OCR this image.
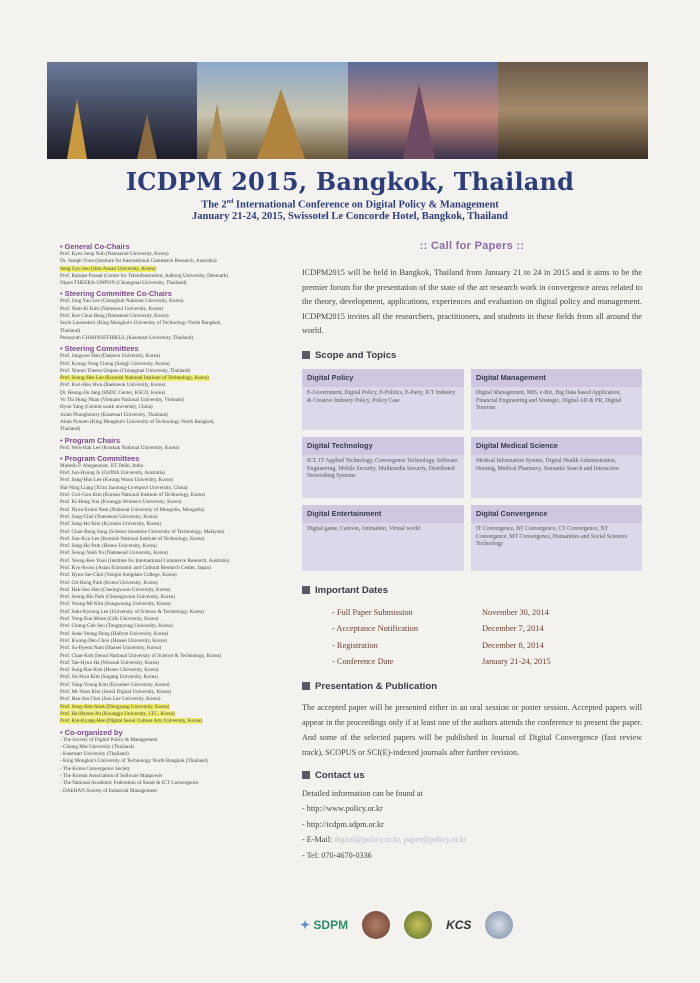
ICDPM 2015, Bangkok, Thailand
The 2nd International Conference on Digital Policy & Management
January 21-24, 2015, Swissotel Le Concorde Hotel, Bangkok, Thailand
• General Co-Chairs
Prof. Kyeo Seop Noh (Namseoul University, Korea)
Dr. Joseph Yoon (Institute for International Commerce Research, Australia)
Seng Gyu Seo (Jiiin Ansan University, Korea)
Prof. Ramjee Prasad (Center for Teleinfrastruktur, Aalborg University, Denmark)
Nipon THEERA-UMPON (Chiangmai University, Thailand)
• Steering Committee Co-Chairs
Prof. Jong Yun Lee (Chungbuk National University, Korea)
Prof. Nam-Ki Kim (Namseoul University, Korea)
Prof. Kee Chun Bang (Namseoul University, Korea)
Surin Laosooksri (King Mongkut's University of Technology North Bangkok,
Thailand)
Peerayuth CHARNSETHIKUL (Kasetsart University, Thailand)
• Steering Committees
Prof. Jangwoo Han (Daejeon University, Korea)
Prof. Kyung-Yong Chung (Sangji University, Korea)
Prof. Ninom Theera-Umpon (Chiangmai University, Thailand)
Prof. Seung-Hee Lee (Kornish National Institute of Technology, Korea)
Prof. Kwi-Hoo Hwa (Baekseok University, Korea)
Dr. Heung-Jin Jang (HSDC Center, KSCII, Korea)
Vo Thi Hong Nhan (Vietnam National University, Vietnam)
Hyun Yang (Central south university, China)
Aram Phongbootry (Kasetsart University, Thailand)
Alum Pynnen (King Mongkut's University of Technology North Bangkok,
Thailand)
• Program Chairs
Prof. Won-Hak Lee (Konkuk National University, Korea)
• Program Committees
Mukesh P. Aheganokar, IIT Delhi, India
Prof. Jun-Hyung Jo (Griffith University, Australia)
Prof. Sang-Hun Lee (Kwang Woon University, Korea)
Hai-Ning Liang (Xi'an Jiaotong-Liverpool University, China)
Prof. Gwi-Gon Kim (Korean National Institute of Technology, Korea)
Prof. Ki-Hong Yun (Kwangju Women's University, Korea)
Prof. Hyun-Eulun Nam (National University of Mongolia, Mongolia)
Prof. Sang-Chul (Namseoul University, Korea)
Prof. Sang-Ho Kim (Kyonsin University, Korea)
Prof. Chan-Bong Sung (Science Sunshine University of Technology, Malaysia)
Prof. Sun-Kyu Lee (Kornish National Institute of Technology, Korea)
Prof. Sang-Ho Park (Hoseo University, Korea)
Prof. Seong-Yeob Yu (Namseoul University, Korea)
Prof. Yeong-Kee Yoon (Institute for International Commerce Research, Australia)
Prof. Kyu-Kwon (Asian Economic and Cultural Research Center, Japan)
Prof. Hyun-Jae-Chol (Yongin Songdam College, Korea)
Prof. Gil-Hong Park (Korea University, Korea)
Prof. Hak-Soo Han (Cheongwoon University, Korea)
Prof. Seong-Bin Park (Cheongwoon University, Korea)
Prof. Young-Mi Kim (Sungwoong University, Korea)
Prof. Sukr-Kyeong Lee (University of Science & Technology, Korea)
Prof. Yong-Eun Moon (Gifu University, Korea)
Prof. Chung-Gab Seo (Tongmyong University, Korea)
Prof. Seok-Yeong Hong (Hallym University, Korea)
Prof. Kwang-Deo Choo (Hansei University, Korea)
Prof. Su-Hyeon Nam (Hansei University, Korea)
Prof. Chan-Koh (Seoul National University of Science & Technology, Korea)
Prof. Tae-Hyun Ha (Woosuk University, Korea)
Prof. Sung-Bae Kim (Hoseo University, Korea)
Prof. Jin-Hwa Kim (Sogang University, Korea)
Prof. Yang-Young Kim (Kyunhee University, Korea)
Prof. Mi-Yeon Kim (Seoul Digital University, Korea)
Prof. Han-Jun Choi (Sun Lee University, Korea)
Prof. Seng-Ahn-Sook (Dongyang University, Korea)
Prof. Ha-Hyeon-Jin (Kwangju University, LTC, Korea)
Prof. Kin-Kyang-Hee (Digital Seoul Culture Arts University, Korea)
• Co-organized by
- The Society of Digital Policy & Management
- Chiang Mai University (Thailand)
- Kasetsart University (Thailand)
- King Mongkut's University of Technology North Bangkok (Thailand)
- The Korea Convergence Society
- The Korean Association of Software Manpower
- The National Academic Federation of Smart & ICT Convergence
- DAEHAN Society of Industrial Management
:: Call for Papers ::
ICDPM2015 will be held in Bangkok, Thailand from January 21 to 24 in 2015 and it aims to be the premier forum for the presentation of the state of the art research work in convergence areas related to the theory, development, applications, experiences and evaluation on digital policy and management. ICDPM2015 invites all the researchers, practitioners, and students in these fields from all around the world.
Scope and Topics
Digital Policy
E-Government, Digital Policy, E-Politics, E-Party, ICT Industry & Creative Industry Policy, Policy Case
Digital Management
Digital Management, MIS, e-Biz, Big Data based Application, Financial Engineering and Strategic, Digital AD & PR, Digital Tourism
Digital Technology
ICT, IT Applied Technology, Convergence Technology, Software Engineering, Mobile Security, Multimedia Security, Distributed Networking Systems
Digital Medical Science
Medical Information System, Digital Health Administration, Nursing, Medical Pharmacy, Semantic Search and Interaction
Digital Entertainment
Digital game, Cartoon, Animation, Virtual world
Digital Convergence
IT Convergence, BT Convergence, CT Convergence, NT Convergence, MT Convergence, Humanities and Social Sciences Technology
Important Dates
- Full Paper Submission	November 30, 2014
- Acceptance Notification	December 7, 2014
- Registration	December 8, 2014
- Conference Date	January 21-24, 2015
Presentation & Publication
The accepted paper will be presented either in an oral session or poster session. Accepted papers will appear in the proceedings only if at least one of the authors attends the conference to present the paper. And some of the selected papers will be published in Journal of Digital Convergence (fast review track), SCOPUS or SCI(E)-indexed journals after further revision.
Contact us
Detailed information can be found at
- http://www.policy.or.kr
- http://icdpm.sdpm.or.kr
- E-Mail: digital@policy.or.kr, paper@policy.or.kr
- Tel: 070-4670-0336
✦ SDPM	KCS
